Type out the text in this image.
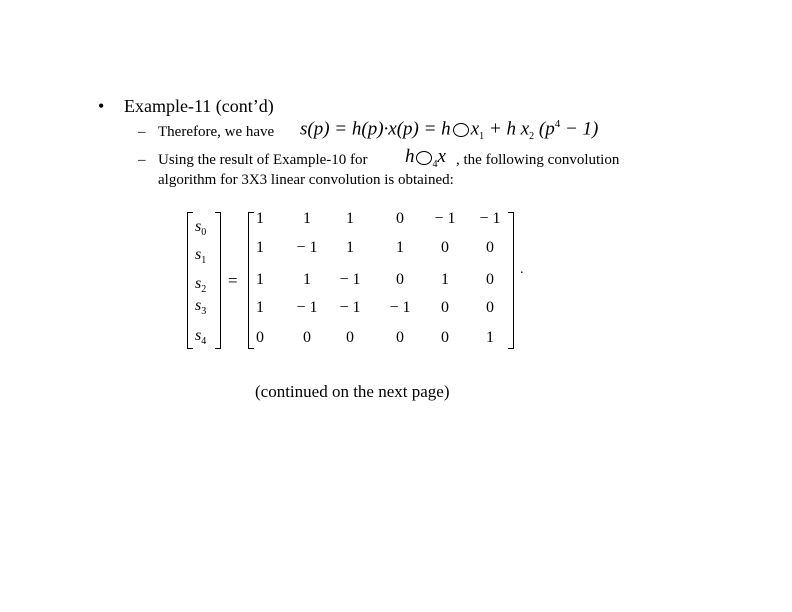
• Example-11 (cont’d)
– Therefore, we have s(p) = h(p)·x(p) = h $x_1 + h$ $x_2$ $(p^4 - 1)$
– Using the result of Example-10 for h $_4$x , the following convolution
algorithm for 3X3 linear convolution is obtained:
$s_0$
$s_1$
$s_2$
$s_3$
$s_4$
=
1	1	1	0	− 1	− 1
1	− 1	1	1	0	0
1	1	− 1	0	1	0
1	− 1	− 1	− 1	0	0
0	0	0	0	0	1
.
(continued on the next page)
